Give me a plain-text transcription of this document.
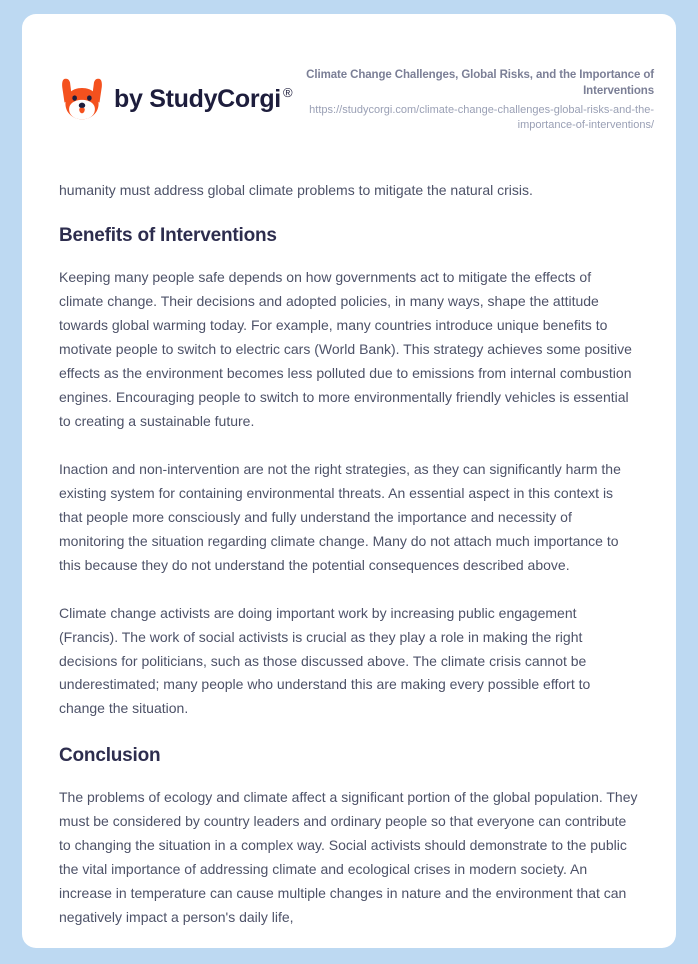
by StudyCorgi ®

Climate Change Challenges, Global Risks, and the Importance of Interventions

https://studycorgi.com/climate-change-challenges-global-risks-and-the-importance-of-interventions/

humanity must address global climate problems to mitigate the natural crisis.

Benefits of Interventions

Keeping many people safe depends on how governments act to mitigate the effects of climate change. Their decisions and adopted policies, in many ways, shape the attitude towards global warming today. For example, many countries introduce unique benefits to motivate people to switch to electric cars (World Bank). This strategy achieves some positive effects as the environment becomes less polluted due to emissions from internal combustion engines. Encouraging people to switch to more environmentally friendly vehicles is essential to creating a sustainable future.

Inaction and non-intervention are not the right strategies, as they can significantly harm the existing system for containing environmental threats. An essential aspect in this context is that people more consciously and fully understand the importance and necessity of monitoring the situation regarding climate change. Many do not attach much importance to this because they do not understand the potential consequences described above.

Climate change activists are doing important work by increasing public engagement (Francis). The work of social activists is crucial as they play a role in making the right decisions for politicians, such as those discussed above. The climate crisis cannot be underestimated; many people who understand this are making every possible effort to change the situation.

Conclusion

The problems of ecology and climate affect a significant portion of the global population. They must be considered by country leaders and ordinary people so that everyone can contribute to changing the situation in a complex way. Social activists should demonstrate to the public the vital importance of addressing climate and ecological crises in modern society. An increase in temperature can cause multiple changes in nature and the environment that can negatively impact a person's daily life,
